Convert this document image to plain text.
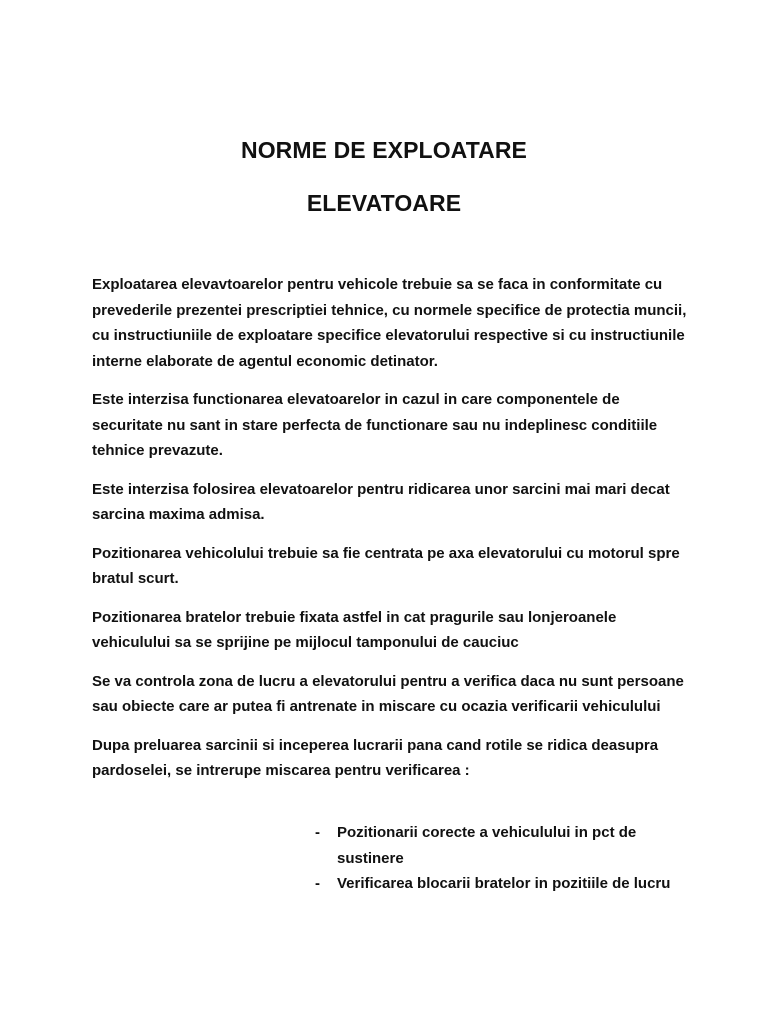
NORME DE EXPLOATARE
ELEVATOARE

Exploatarea elevavtoarelor pentru vehicole trebuie sa se faca in conformitate cu prevederile prezentei prescriptiei tehnice, cu normele specifice de protectia muncii, cu instructiuniile de exploatare specifice elevatorului respective si cu instructiunile interne elaborate de agentul economic detinator.

Este interzisa functionarea elevatoarelor in cazul in care componentele de securitate nu sant in stare perfecta de functionare sau nu indeplinesc conditiile tehnice prevazute.

Este interzisa folosirea elevatoarelor pentru ridicarea unor sarcini mai mari decat sarcina maxima admisa.

Pozitionarea vehicolului trebuie sa fie centrata pe axa elevatorului cu motorul spre bratul scurt.

Pozitionarea bratelor trebuie fixata astfel in cat pragurile sau lonjeroanele vehiculului sa se sprijine pe mijlocul tamponului de cauciuc

Se va controla zona de lucru a elevatorului pentru a verifica daca nu sunt persoane sau obiecte care ar putea fi antrenate in miscare cu ocazia verificarii vehiculului

Dupa preluarea sarcinii si inceperea lucrarii pana cand rotile se ridica deasupra pardoselei, se intrerupe miscarea pentru verificarea :

- Pozitionarii corecte a vehiculului in pct de sustinere
- Verificarea blocarii bratelor in pozitiile de lucru
